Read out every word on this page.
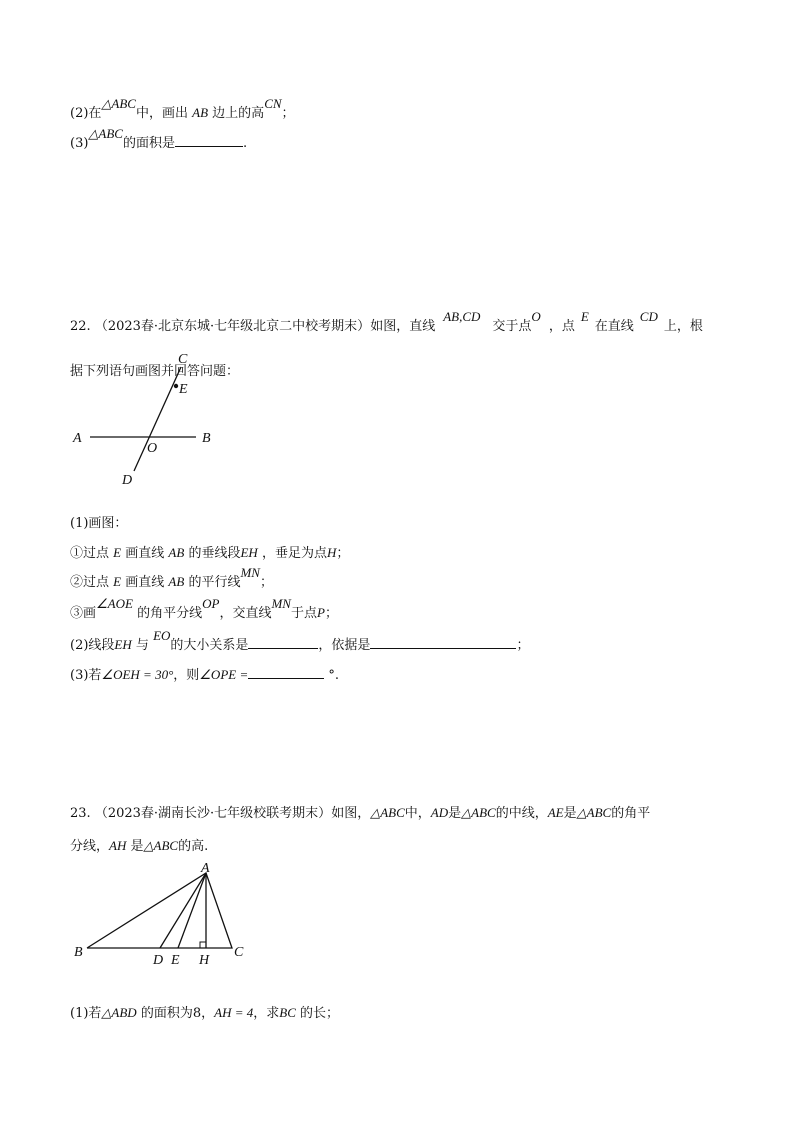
(2)在△ABC中，画出 AB 边上的高CN；
(3)△ABC的面积是	.
22. （2023春·北京东城·七年级北京二中校考期末）如图，直线AB,CD交于点O，点E在直线CD上，根
据下列语句画图并回答问题：
A	B
C
D
E
O
A
B	C
D E H
(1)画图：
①过点 E 画直线 AB 的垂线段EH ，垂足为点H；
②过点 E 画直线 AB 的平行线MN；
③画∠AOE 的角平分线OP，交直线MN于点P；
(2)线段EH 与 EO的大小关系是	，依据是	；
(3)若∠OEH = 30°，则∠OPE =	°.
23. （2023春·湖南长沙·七年级校联考期末）如图，△ABC中，AD是△ABC的中线，AE是△ABC的角平
分线，AH 是△ABC的高.
(1)若△ABD 的面积为8，AH = 4，求BC 的长；
